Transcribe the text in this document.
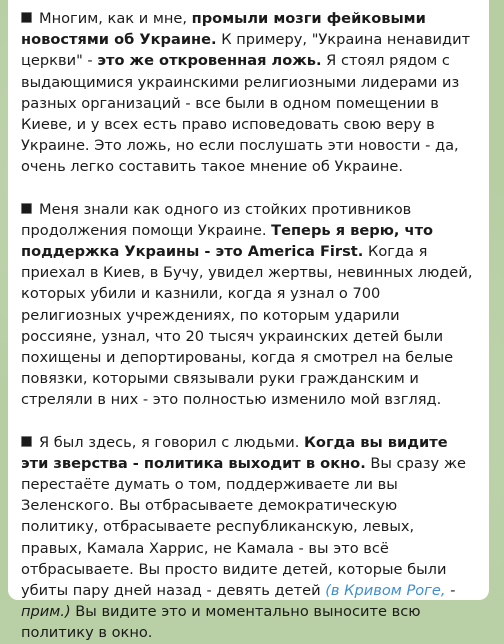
Многим, как и мне, промыли мозги фейковыми новостями об Украине. К примеру, "Украина ненавидит церкви" - это же откровенная ложь. Я стоял рядом с выдающимися украинскими религиозными лидерами из разных организаций - все были в одном помещении в Киеве, и у всех есть право исповедовать свою веру в Украине. Это ложь, но если послушать эти новости - да, очень легко составить такое мнение об Украине.

Меня знали как одного из стойких противников продолжения помощи Украине. Теперь я верю, что поддержка Украины - это America First. Когда я приехал в Киев, в Бучу, увидел жертвы, невинных людей, которых убили и казнили, когда я узнал о 700 религиозных учреждениях, по которым ударили россияне, узнал, что 20 тысяч украинских детей были похищены и депортированы, когда я смотрел на белые повязки, которыми связывали руки гражданским и стреляли в них - это полностью изменило мой взгляд.

Я был здесь, я говорил с людьми. Когда вы видите эти зверства - политика выходит в окно. Вы сразу же перестаёте думать о том, поддерживаете ли вы Зеленского. Вы отбрасываете демократическую политику, отбрасываете республиканскую, левых, правых, Камала Харрис, не Камала - вы это всё отбрасываете. Вы просто видите детей, которые были убиты пару дней назад - девять детей (в Кривом Роге, - прим.) Вы видите это и моментально выносите всю политику в окно.
